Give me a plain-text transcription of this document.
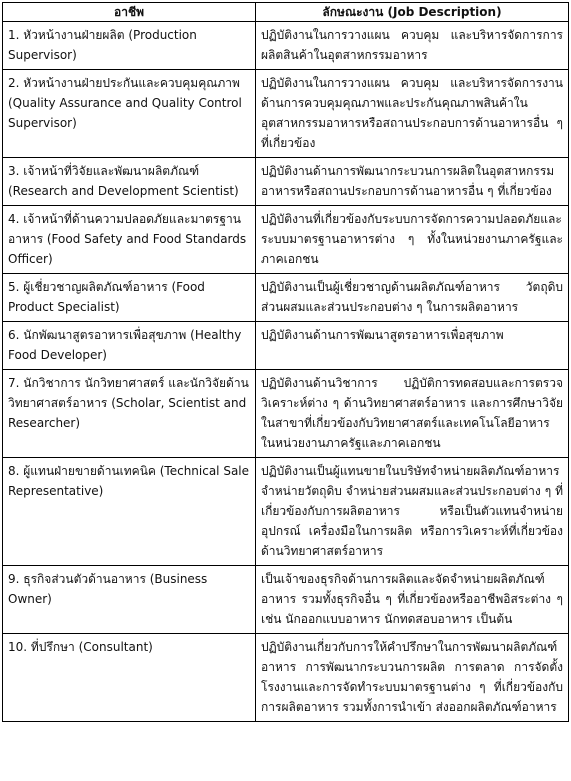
อาชีพ	ลักษณะงาน (Job Description)
1. หัวหน้างานฝ่ายผลิต (Production Supervisor)	ปฏิบัติงานในการวางแผน ควบคุม และบริหารจัดการการผลิตสินค้าในอุตสาหกรรมอาหาร
2. หัวหน้างานฝ่ายประกันและควบคุมคุณภาพ (Quality Assurance and Quality Control Supervisor)	ปฏิบัติงานในการวางแผน ควบคุม และบริหารจัดการงานด้านการควบคุมคุณภาพและประกันคุณภาพสินค้าในอุตสาหกรรมอาหารหรือสถานประกอบการด้านอาหารอื่น ๆ ที่เกี่ยวข้อง
3. เจ้าหน้าที่วิจัยและพัฒนาผลิตภัณฑ์ (Research and Development Scientist)	ปฏิบัติงานด้านการพัฒนากระบวนการผลิตในอุตสาหกรรมอาหารหรือสถานประกอบการด้านอาหารอื่น ๆ ที่เกี่ยวข้อง
4. เจ้าหน้าที่ด้านความปลอดภัยและมาตรฐานอาหาร (Food Safety and Food Standards Officer)	ปฏิบัติงานที่เกี่ยวข้องกับระบบการจัดการความปลอดภัยและระบบมาตรฐานอาหารต่าง ๆ ทั้งในหน่วยงานภาครัฐและภาคเอกชน
5. ผู้เชี่ยวชาญผลิตภัณฑ์อาหาร (Food Product Specialist)	ปฏิบัติงานเป็นผู้เชี่ยวชาญด้านผลิตภัณฑ์อาหาร วัตถุดิบ ส่วนผสมและส่วนประกอบต่าง ๆ ในการผลิตอาหาร
6. นักพัฒนาสูตรอาหารเพื่อสุขภาพ (Healthy Food Developer)	ปฏิบัติงานด้านการพัฒนาสูตรอาหารเพื่อสุขภาพ
7. นักวิชาการ นักวิทยาศาสตร์ และนักวิจัยด้านวิทยาศาสตร์อาหาร (Scholar, Scientist and Researcher)	ปฏิบัติงานด้านวิชาการ ปฏิบัติการทดสอบและการตรวจวิเคราะห์ต่าง ๆ ด้านวิทยาศาสตร์อาหาร และการศึกษาวิจัยในสาขาที่เกี่ยวข้องกับวิทยาศาสตร์และเทคโนโลยีอาหารในหน่วยงานภาครัฐและภาคเอกชน
8. ผู้แทนฝ่ายขายด้านเทคนิค (Technical Sale Representative)	ปฏิบัติงานเป็นผู้แทนขายในบริษัทจำหน่ายผลิตภัณฑ์อาหาร จำหน่ายวัตถุดิบ จำหน่ายส่วนผสมและส่วนประกอบต่าง ๆ ที่เกี่ยวข้องกับการผลิตอาหาร หรือเป็นตัวแทนจำหน่ายอุปกรณ์ เครื่องมือในการผลิต หรือการวิเคราะห์ที่เกี่ยวข้องด้านวิทยาศาสตร์อาหาร
9. ธุรกิจส่วนตัวด้านอาหาร (Business Owner)	เป็นเจ้าของธุรกิจด้านการผลิตและจัดจำหน่ายผลิตภัณฑ์อาหาร รวมทั้งธุรกิจอื่น ๆ ที่เกี่ยวข้องหรืออาชีพอิสระต่าง ๆ เช่น นักออกแบบอาหาร นักทดสอบอาหาร เป็นต้น
10. ที่ปรึกษา (Consultant)	ปฏิบัติงานเกี่ยวกับการให้คำปรึกษาในการพัฒนาผลิตภัณฑ์อาหาร การพัฒนากระบวนการผลิต การตลาด การจัดตั้งโรงงานและการจัดทำระบบมาตรฐานต่าง ๆ ที่เกี่ยวข้องกับการผลิตอาหาร รวมทั้งการนำเข้า ส่งออกผลิตภัณฑ์อาหาร
